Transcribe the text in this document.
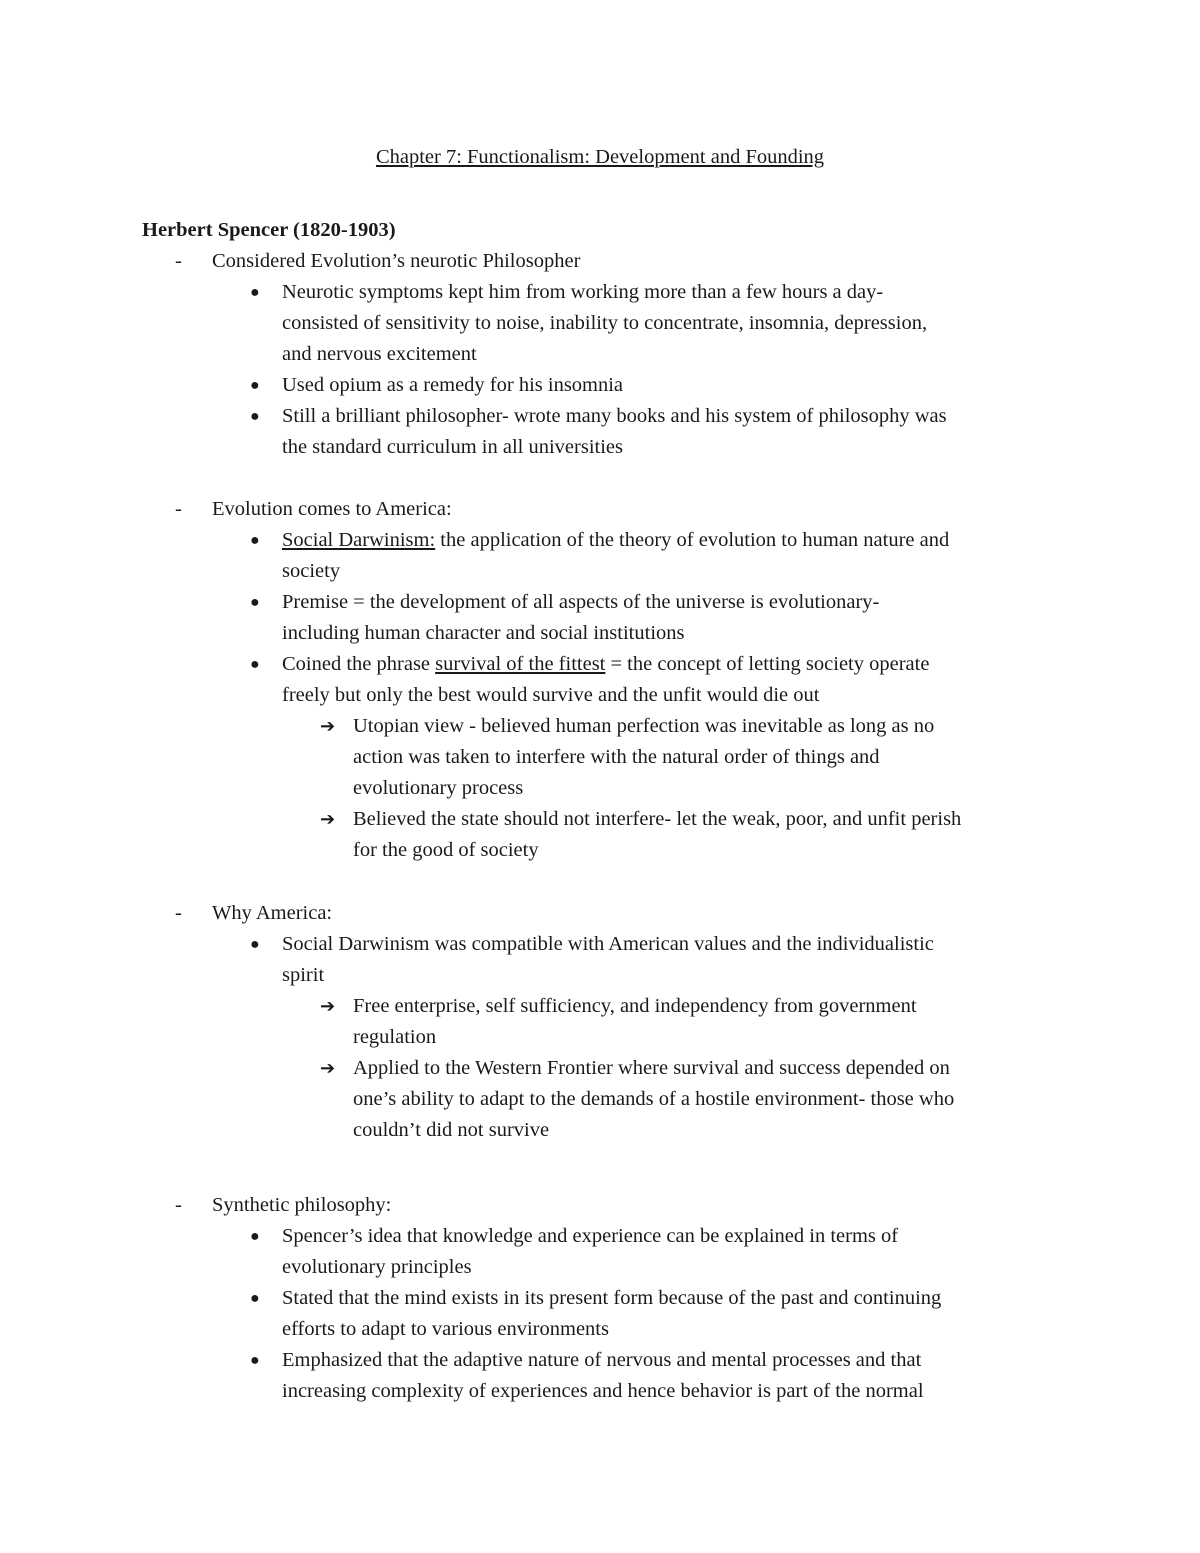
Chapter 7: Functionalism: Development and Founding
Herbert Spencer (1820-1903)
- Considered Evolution’s neurotic Philosopher
● Neurotic symptoms kept him from working more than a few hours a day-
consisted of sensitivity to noise, inability to concentrate, insomnia, depression,
and nervous excitement
● Used opium as a remedy for his insomnia
● Still a brilliant philosopher- wrote many books and his system of philosophy was
the standard curriculum in all universities
- Evolution comes to America:
● Social Darwinism: the application of the theory of evolution to human nature and
society
● Premise = the development of all aspects of the universe is evolutionary-
including human character and social institutions
● Coined the phrase survival of the fittest = the concept of letting society operate
freely but only the best would survive and the unfit would die out
➔ Utopian view - believed human perfection was inevitable as long as no
action was taken to interfere with the natural order of things and
evolutionary process
➔ Believed the state should not interfere- let the weak, poor, and unfit perish
for the good of society
- Why America:
● Social Darwinism was compatible with American values and the individualistic
spirit
➔ Free enterprise, self sufficiency, and independency from government
regulation
➔ Applied to the Western Frontier where survival and success depended on
one’s ability to adapt to the demands of a hostile environment- those who
couldn’t did not survive
- Synthetic philosophy:
● Spencer’s idea that knowledge and experience can be explained in terms of
evolutionary principles
● Stated that the mind exists in its present form because of the past and continuing
efforts to adapt to various environments
● Emphasized that the adaptive nature of nervous and mental processes and that
increasing complexity of experiences and hence behavior is part of the normal
